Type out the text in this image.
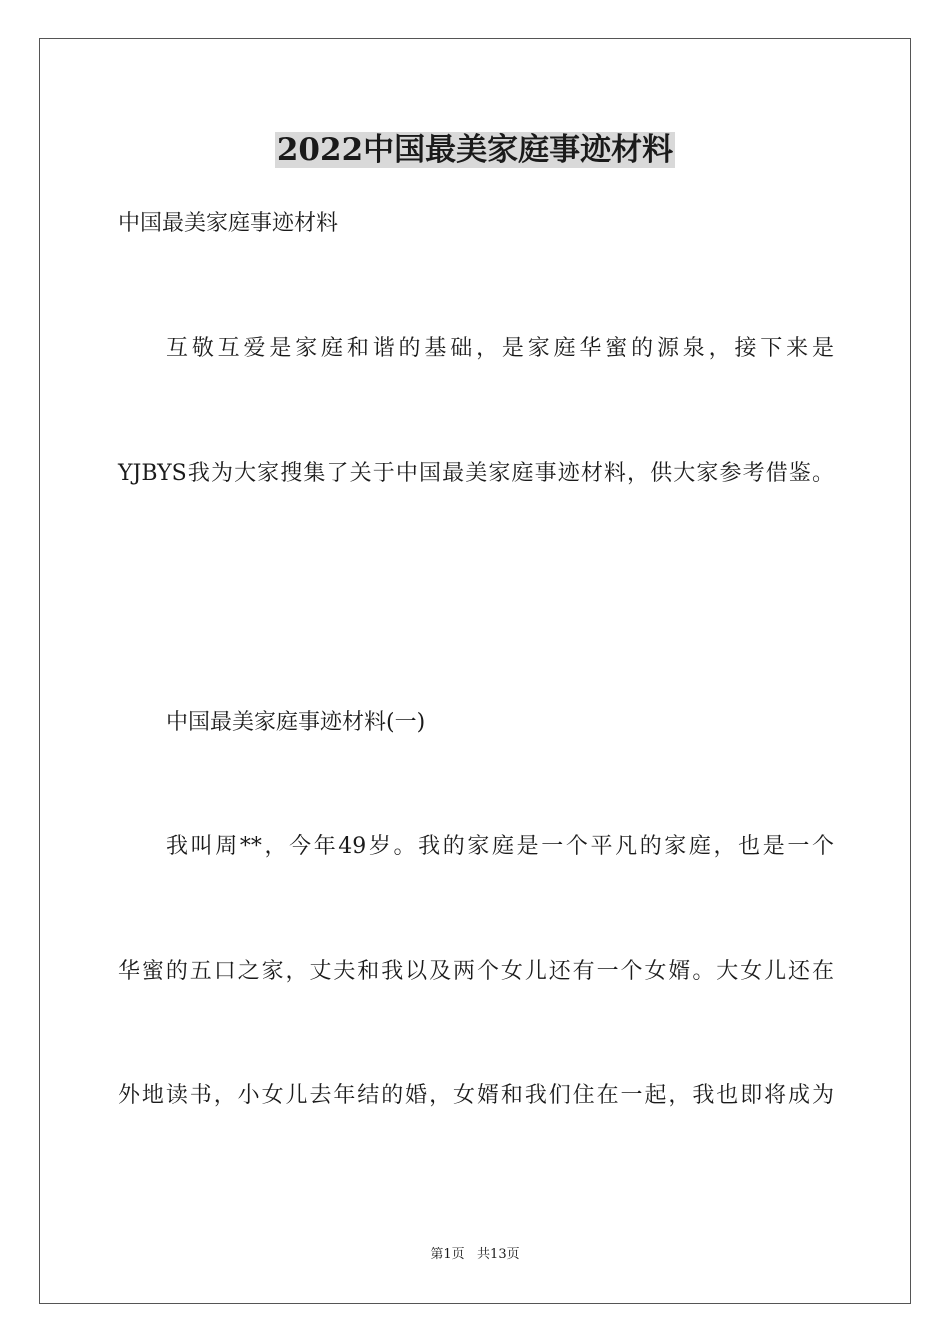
2022中国最美家庭事迹材料
中国最美家庭事迹材料
互敬互爱是家庭和谐的基础，是家庭华蜜的源泉，接下来是
YJBYS我为大家搜集了关于中国最美家庭事迹材料，供大家参考借鉴。
中国最美家庭事迹材料(一)
我叫周**，今年49岁。我的家庭是一个平凡的家庭，也是一个
华蜜的五口之家，丈夫和我以及两个女儿还有一个女婿。大女儿还在
外地读书，小女儿去年结的婚，女婿和我们住在一起，我也即将成为
第1页   共13页
